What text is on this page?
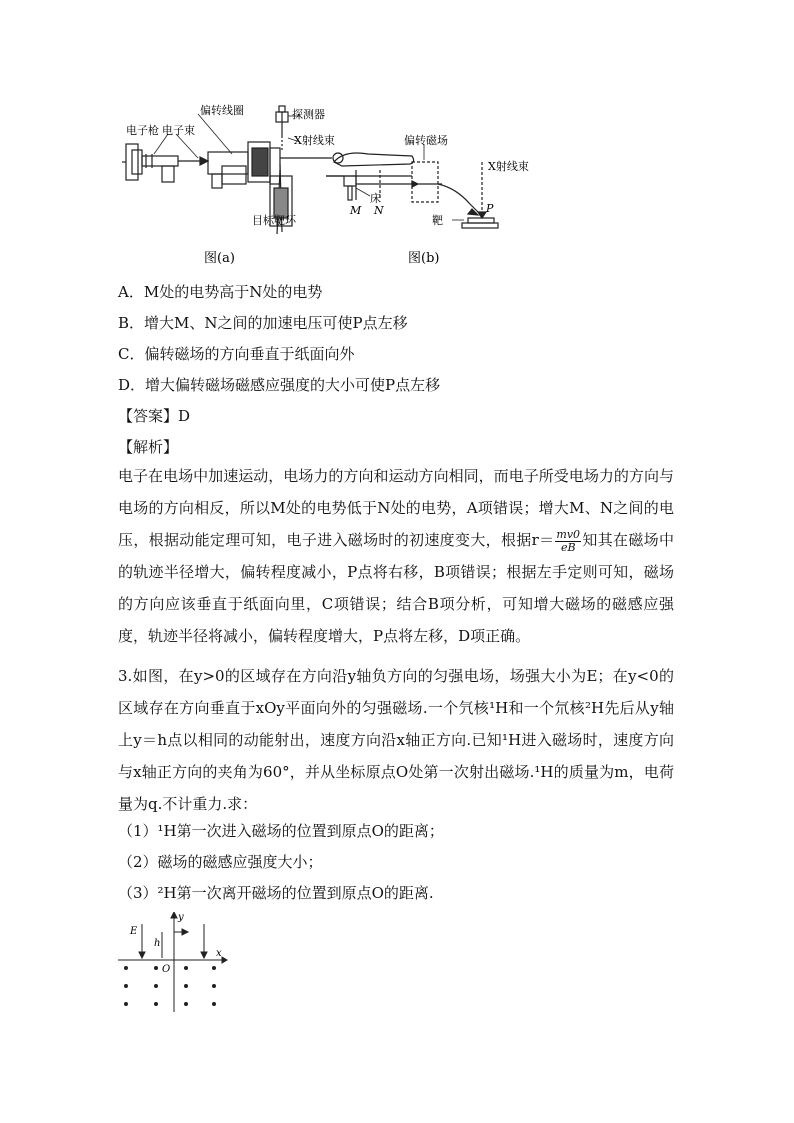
电子枪 电子束
偏转线圈	探测器
X射线束
床
目标靶环
图(a)
偏转磁场
X射线束
M N	P
靶
图(b)
A．M处的电势高于N处的电势
B．增大M、N之间的加速电压可使P点左移
C．偏转磁场的方向垂直于纸面向外
D．增大偏转磁场磁感应强度的大小可使P点左移
【答案】D
【解析】
电子在电场中加速运动，电场力的方向和运动方向相同，而电子所受电场力的方向与电场的方向相反，所以M处的电势低于N处的电势，A项错误；增大M、N之间的电压，根据动能定理可知，电子进入磁场时的初速度变大，根据$r= \frac{mv0}{eB}$ 知其在磁场中的轨迹半径增大，偏转程度减小，P点将右移，B项错误；根据左手定则可知，磁场的方向应该垂直于纸面向里，C项错误；结合B项分析，可知增大磁场的磁感应强度，轨迹半径将减小，偏转程度增大，P点将左移，D项正确。
3.如图，在y>0的区域存在方向沿y轴负方向的匀强电场，场强大小为E；在y<0的区域存在方向垂直于xOy平面向外的匀强磁场.一个氕核¹H和一个氘核²H先后从y轴上y＝h点以相同的动能射出，速度方向沿x轴正方向.已知¹H进入磁场时，速度方向与x轴正方向的夹角为60°，并从坐标原点O处第一次射出磁场.¹H的质量为m，电荷量为q.不计重力.求：
（1）¹H第一次进入磁场的位置到原点O的距离；
（2）磁场的磁感应强度大小；
（3）²H第一次离开磁场的位置到原点O的距离.
E
h
O
x
y
